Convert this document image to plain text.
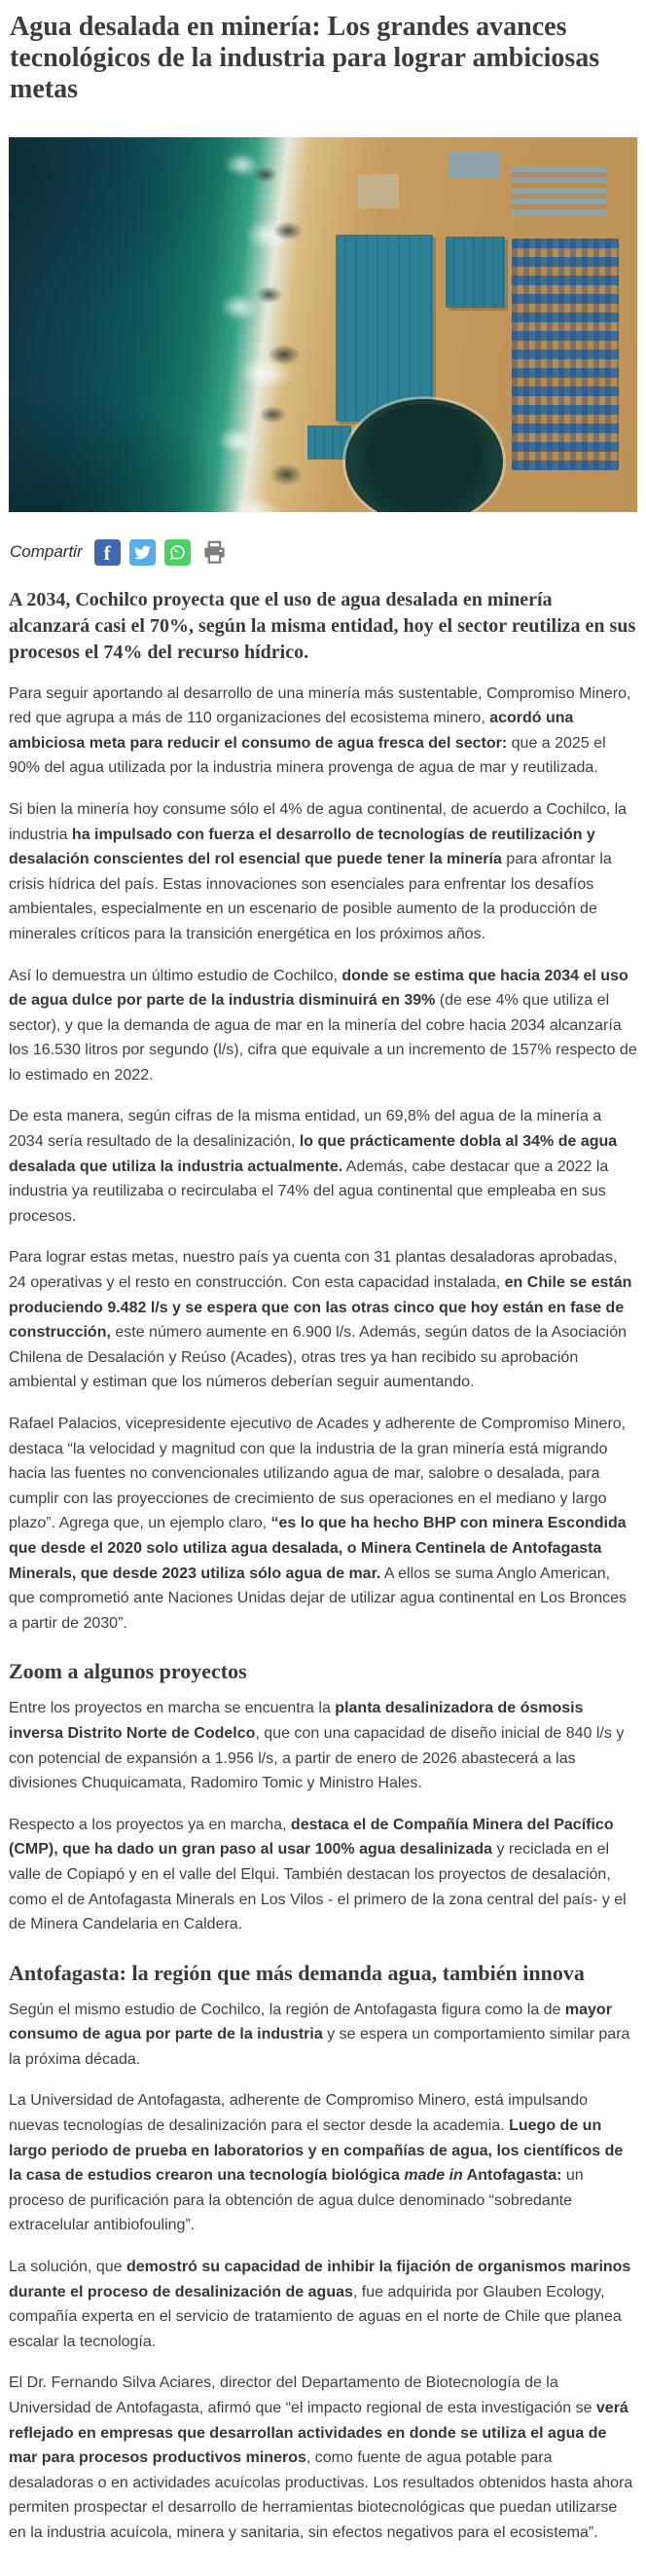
Agua desalada en minería: Los grandes avances tecnológicos de la industria para lograr ambiciosas metas
Compartir f

A 2034, Cochilco proyecta que el uso de agua desalada en minería alcanzará casi el 70%, según la misma entidad, hoy el sector reutiliza en sus procesos el 74% del recurso hídrico.

Para seguir aportando al desarrollo de una minería más sustentable, Compromiso Minero, red que agrupa a más de 110 organizaciones del ecosistema minero, acordó una ambiciosa meta para reducir el consumo de agua fresca del sector: que a 2025 el 90% del agua utilizada por la industria minera provenga de agua de mar y reutilizada.

Si bien la minería hoy consume sólo el 4% de agua continental, de acuerdo a Cochilco, la industria ha impulsado con fuerza el desarrollo de tecnologías de reutilización y desalación conscientes del rol esencial que puede tener la minería para afrontar la crisis hídrica del país. Estas innovaciones son esenciales para enfrentar los desafíos ambientales, especialmente en un escenario de posible aumento de la producción de minerales críticos para la transición energética en los próximos años.

Así lo demuestra un último estudio de Cochilco, donde se estima que hacia 2034 el uso de agua dulce por parte de la industria disminuirá en 39% (de ese 4% que utiliza el sector), y que la demanda de agua de mar en la minería del cobre hacia 2034 alcanzaría los 16.530 litros por segundo (l/s), cifra que equivale a un incremento de 157% respecto de lo estimado en 2022.

De esta manera, según cifras de la misma entidad, un 69,8% del agua de la minería a 2034 sería resultado de la desalinización, lo que prácticamente dobla al 34% de agua desalada que utiliza la industria actualmente. Además, cabe destacar que a 2022 la industria ya reutilizaba o recirculaba el 74% del agua continental que empleaba en sus procesos.

Para lograr estas metas, nuestro país ya cuenta con 31 plantas desaladoras aprobadas, 24 operativas y el resto en construcción. Con esta capacidad instalada, en Chile se están produciendo 9.482 l/s y se espera que con las otras cinco que hoy están en fase de construcción, este número aumente en 6.900 l/s. Además, según datos de la Asociación Chilena de Desalación y Reúso (Acades), otras tres ya han recibido su aprobación ambiental y estiman que los números deberían seguir aumentando.

Rafael Palacios, vicepresidente ejecutivo de Acades y adherente de Compromiso Minero, destaca “la velocidad y magnitud con que la industria de la gran minería está migrando hacia las fuentes no convencionales utilizando agua de mar, salobre o desalada, para cumplir con las proyecciones de crecimiento de sus operaciones en el mediano y largo plazo”. Agrega que, un ejemplo claro, “es lo que ha hecho BHP con minera Escondida que desde el 2020 solo utiliza agua desalada, o Minera Centinela de Antofagasta Minerals, que desde 2023 utiliza sólo agua de mar. A ellos se suma Anglo American, que comprometió ante Naciones Unidas dejar de utilizar agua continental en Los Bronces a partir de 2030”.

Zoom a algunos proyectos

Entre los proyectos en marcha se encuentra la planta desalinizadora de ósmosis inversa Distrito Norte de Codelco, que con una capacidad de diseño inicial de 840 l/s y con potencial de expansión a 1.956 l/s, a partir de enero de 2026 abastecerá a las divisiones Chuquicamata, Radomiro Tomic y Ministro Hales.

Respecto a los proyectos ya en marcha, destaca el de Compañía Minera del Pacífico (CMP), que ha dado un gran paso al usar 100% agua desalinizada y reciclada en el valle de Copiapó y en el valle del Elqui. También destacan los proyectos de desalación, como el de Antofagasta Minerals en Los Vilos - el primero de la zona central del país- y el de Minera Candelaria en Caldera.

Antofagasta: la región que más demanda agua, también innova

Según el mismo estudio de Cochilco, la región de Antofagasta figura como la de mayor consumo de agua por parte de la industria y se espera un comportamiento similar para la próxima década.

La Universidad de Antofagasta, adherente de Compromiso Minero, está impulsando nuevas tecnologías de desalinización para el sector desde la academia. Luego de un largo periodo de prueba en laboratorios y en compañías de agua, los científicos de la casa de estudios crearon una tecnología biológica made in Antofagasta: un proceso de purificación para la obtención de agua dulce denominado “sobredante extracelular antibiofouling”.

La solución, que demostró su capacidad de inhibir la fijación de organismos marinos durante el proceso de desalinización de aguas, fue adquirida por Glauben Ecology, compañía experta en el servicio de tratamiento de aguas en el norte de Chile que planea escalar la tecnología.

El Dr. Fernando Silva Aciares, director del Departamento de Biotecnología de la Universidad de Antofagasta, afirmó que “el impacto regional de esta investigación se verá reflejado en empresas que desarrollan actividades en donde se utiliza el agua de mar para procesos productivos mineros, como fuente de agua potable para desaladoras o en actividades acuícolas productivas. Los resultados obtenidos hasta ahora permiten prospectar el desarrollo de herramientas biotecnológicas que puedan utilizarse en la industria acuícola, minera y sanitaria, sin efectos negativos para el ecosistema”.
